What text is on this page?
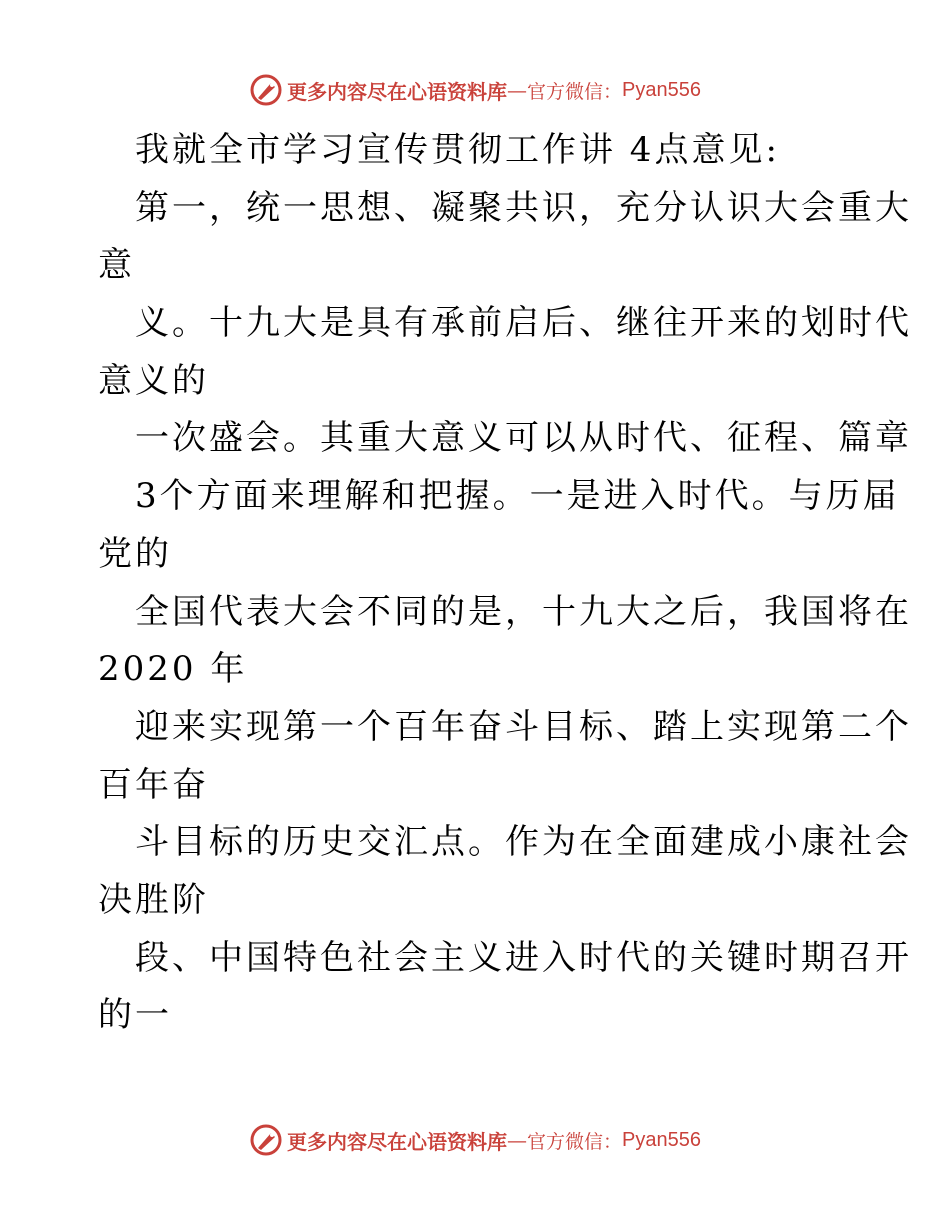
更多内容尽在心语资料库 — 官方微信： Pyan556
我就全市学习宣传贯彻工作讲 4点意见:
第一，统一思想、凝聚共识，充分认识大会重大
意
义。十九大是具有承前启后、继往开来的划时代
意义的
一次盛会。其重大意义可以从时代、征程、篇章
3个方面来理解和把握。一是进入时代。与历届
党的
全国代表大会不同的是，十九大之后，我国将在
2020 年
迎来实现第一个百年奋斗目标、踏上实现第二个
百年奋
斗目标的历史交汇点。作为在全面建成小康社会
决胜阶
段、中国特色社会主义进入时代的关键时期召开
的一
更多内容尽在心语资料库 — 官方微信： Pyan556
